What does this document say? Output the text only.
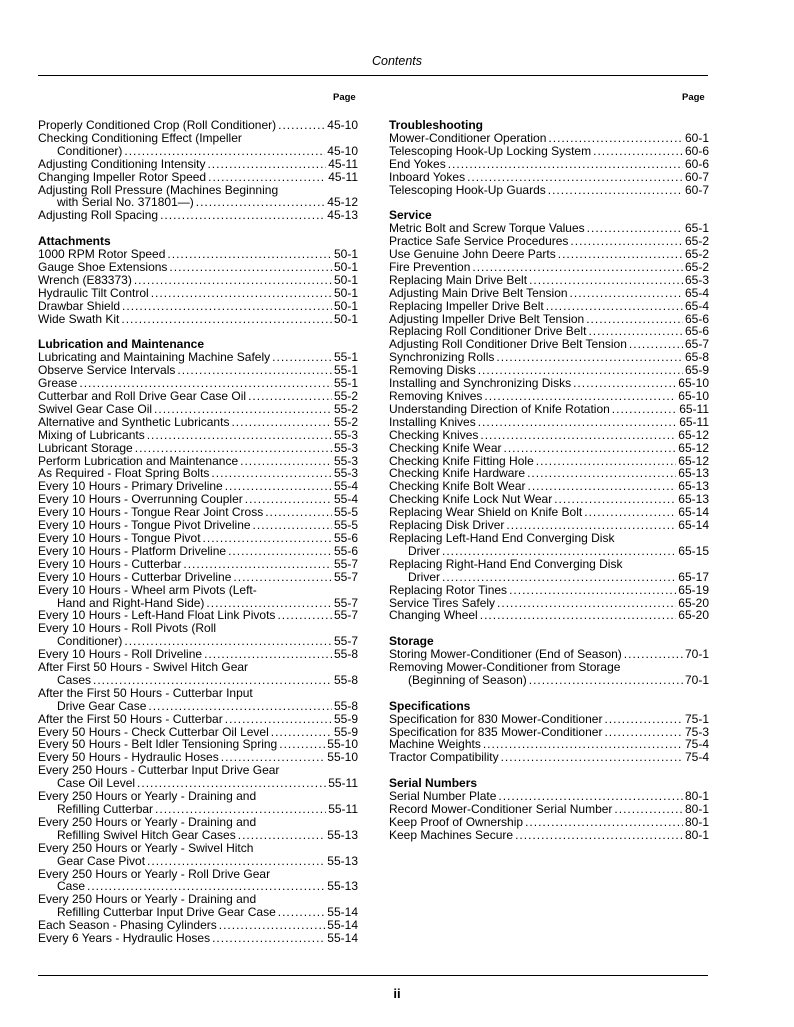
Contents
Page	Page
Properly Conditioned Crop (Roll Conditioner) .....	45-10
Checking Conditioning Effect (Impeller
Conditioner) .....	45-10
Adjusting Conditioning Intensity .....	45-11
Changing Impeller Rotor Speed .....	45-11
Adjusting Roll Pressure (Machines Beginning
with Serial No. 371801—) .....	45-12
Adjusting Roll Spacing .....	45-13
Attachments
1000 RPM Rotor Speed .....	50-1
Gauge Shoe Extensions .....	50-1
Wrench (E83373) .....	50-1
Hydraulic Tilt Control .....	50-1
Drawbar Shield .....	50-1
Wide Swath Kit .....	50-1
Lubrication and Maintenance
Lubricating and Maintaining Machine Safely .....	55-1
Observe Service Intervals .....	55-1
Grease .....	55-1
Cutterbar and Roll Drive Gear Case Oil .....	55-2
Swivel Gear Case Oil .....	55-2
Alternative and Synthetic Lubricants .....	55-2
Mixing of Lubricants .....	55-3
Lubricant Storage .....	55-3
Perform Lubrication and Maintenance .....	55-3
As Required - Float Spring Bolts .....	55-3
Every 10 Hours - Primary Driveline .....	55-4
Every 10 Hours - Overrunning Coupler .....	55-4
Every 10 Hours - Tongue Rear Joint Cross .....	55-5
Every 10 Hours - Tongue Pivot Driveline .....	55-5
Every 10 Hours - Tongue Pivot .....	55-6
Every 10 Hours - Platform Driveline .....	55-6
Every 10 Hours - Cutterbar .....	55-7
Every 10 Hours - Cutterbar Driveline .....	55-7
Every 10 Hours - Wheel arm Pivots (Left-
Hand and Right-Hand Side) .....	55-7
Every 10 Hours - Left-Hand Float Link Pivots .....	55-7
Every 10 Hours - Roll Pivots (Roll
Conditioner) .....	55-7
Every 10 Hours - Roll Driveline .....	55-8
After First 50 Hours - Swivel Hitch Gear
Cases .....	55-8
After the First 50 Hours - Cutterbar Input
Drive Gear Case .....	55-8
After the First 50 Hours - Cutterbar .....	55-9
Every 50 Hours - Check Cutterbar Oil Level .....	55-9
Every 50 Hours - Belt Idler Tensioning Spring .....	55-10
Every 50 Hours - Hydraulic Hoses .....	55-10
Every 250 Hours - Cutterbar Input Drive Gear
Case Oil Level .....	55-11
Every 250 Hours or Yearly - Draining and
Refilling Cutterbar .....	55-11
Every 250 Hours or Yearly - Draining and
Refilling Swivel Hitch Gear Cases .....	55-13
Every 250 Hours or Yearly - Swivel Hitch
Gear Case Pivot .....	55-13
Every 250 Hours or Yearly - Roll Drive Gear
Case .....	55-13
Every 250 Hours or Yearly - Draining and
Refilling Cutterbar Input Drive Gear Case .....	55-14
Each Season - Phasing Cylinders .....	55-14
Every 6 Years - Hydraulic Hoses .....	55-14
Troubleshooting
Mower-Conditioner Operation .....	60-1
Telescoping Hook-Up Locking System .....	60-6
End Yokes .....	60-6
Inboard Yokes .....	60-7
Telescoping Hook-Up Guards .....	60-7
Service
Metric Bolt and Screw Torque Values .....	65-1
Practice Safe Service Procedures .....	65-2
Use Genuine John Deere Parts .....	65-2
Fire Prevention .....	65-2
Replacing Main Drive Belt .....	65-3
Adjusting Main Drive Belt Tension .....	65-4
Replacing Impeller Drive Belt .....	65-4
Adjusting Impeller Drive Belt Tension .....	65-6
Replacing Roll Conditioner Drive Belt .....	65-6
Adjusting Roll Conditioner Drive Belt Tension .....	65-7
Synchronizing Rolls .....	65-8
Removing Disks .....	65-9
Installing and Synchronizing Disks .....	65-10
Removing Knives .....	65-10
Understanding Direction of Knife Rotation .....	65-11
Installing Knives .....	65-11
Checking Knives .....	65-12
Checking Knife Wear .....	65-12
Checking Knife Fitting Hole .....	65-12
Checking Knife Hardware .....	65-13
Checking Knife Bolt Wear .....	65-13
Checking Knife Lock Nut Wear .....	65-13
Replacing Wear Shield on Knife Bolt .....	65-14
Replacing Disk Driver .....	65-14
Replacing Left-Hand End Converging Disk
Driver .....	65-15
Replacing Right-Hand End Converging Disk
Driver .....	65-17
Replacing Rotor Tines .....	65-19
Service Tires Safely .....	65-20
Changing Wheel .....	65-20
Storage
Storing Mower-Conditioner (End of Season) .....	70-1
Removing Mower-Conditioner from Storage
(Beginning of Season) .....	70-1
Specifications
Specification for 830 Mower-Conditioner .....	75-1
Specification for 835 Mower-Conditioner .....	75-3
Machine Weights .....	75-4
Tractor Compatibility .....	75-4
Serial Numbers
Serial Number Plate .....	80-1
Record Mower-Conditioner Serial Number .....	80-1
Keep Proof of Ownership .....	80-1
Keep Machines Secure .....	80-1
ii
